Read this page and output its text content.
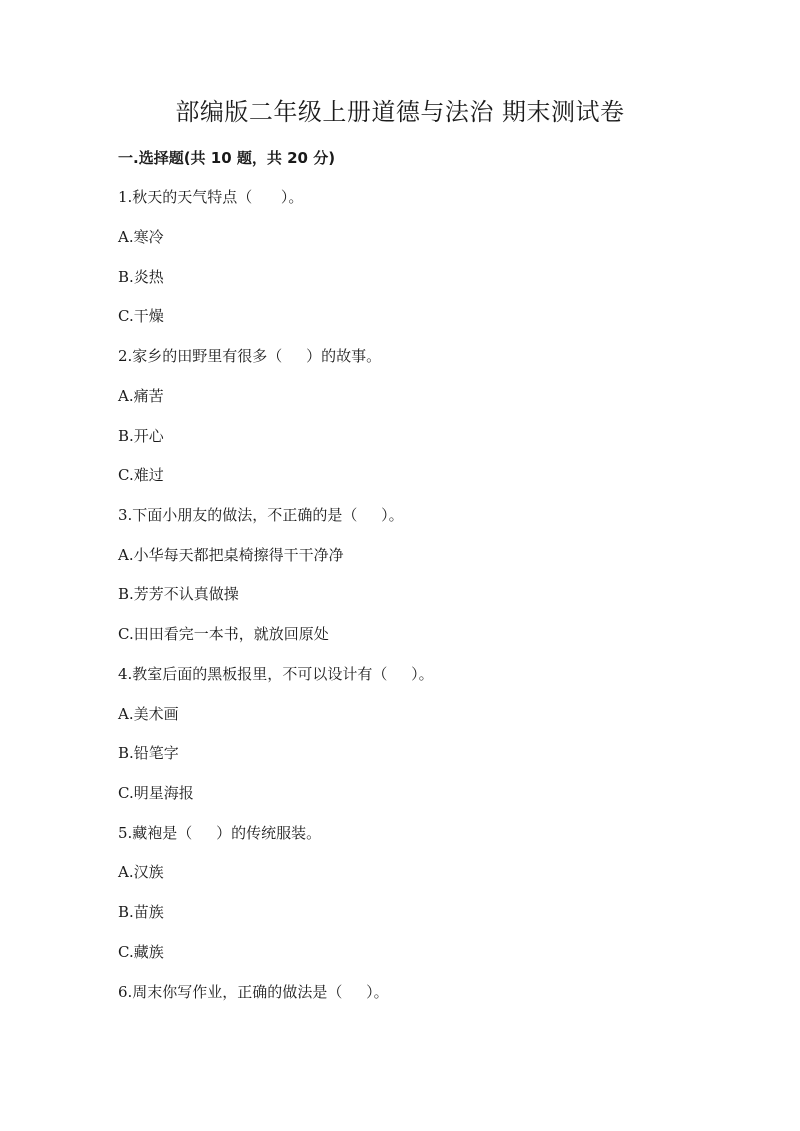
部编版二年级上册道德与法治 期末测试卷
一.选择题(共 10 题，共 20 分)
1.秋天的天气特点（      ）。
A.寒冷
B.炎热
C.干燥
2.家乡的田野里有很多（     ）的故事。
A.痛苦
B.开心
C.难过
3.下面小朋友的做法，不正确的是（     ）。
A.小华每天都把桌椅擦得干干净净
B.芳芳不认真做操
C.田田看完一本书，就放回原处
4.教室后面的黑板报里，不可以设计有（     ）。
A.美术画
B.铅笔字
C.明星海报
5.藏袍是（     ）的传统服装。
A.汉族
B.苗族
C.藏族
6.周末你写作业，正确的做法是（     ）。
